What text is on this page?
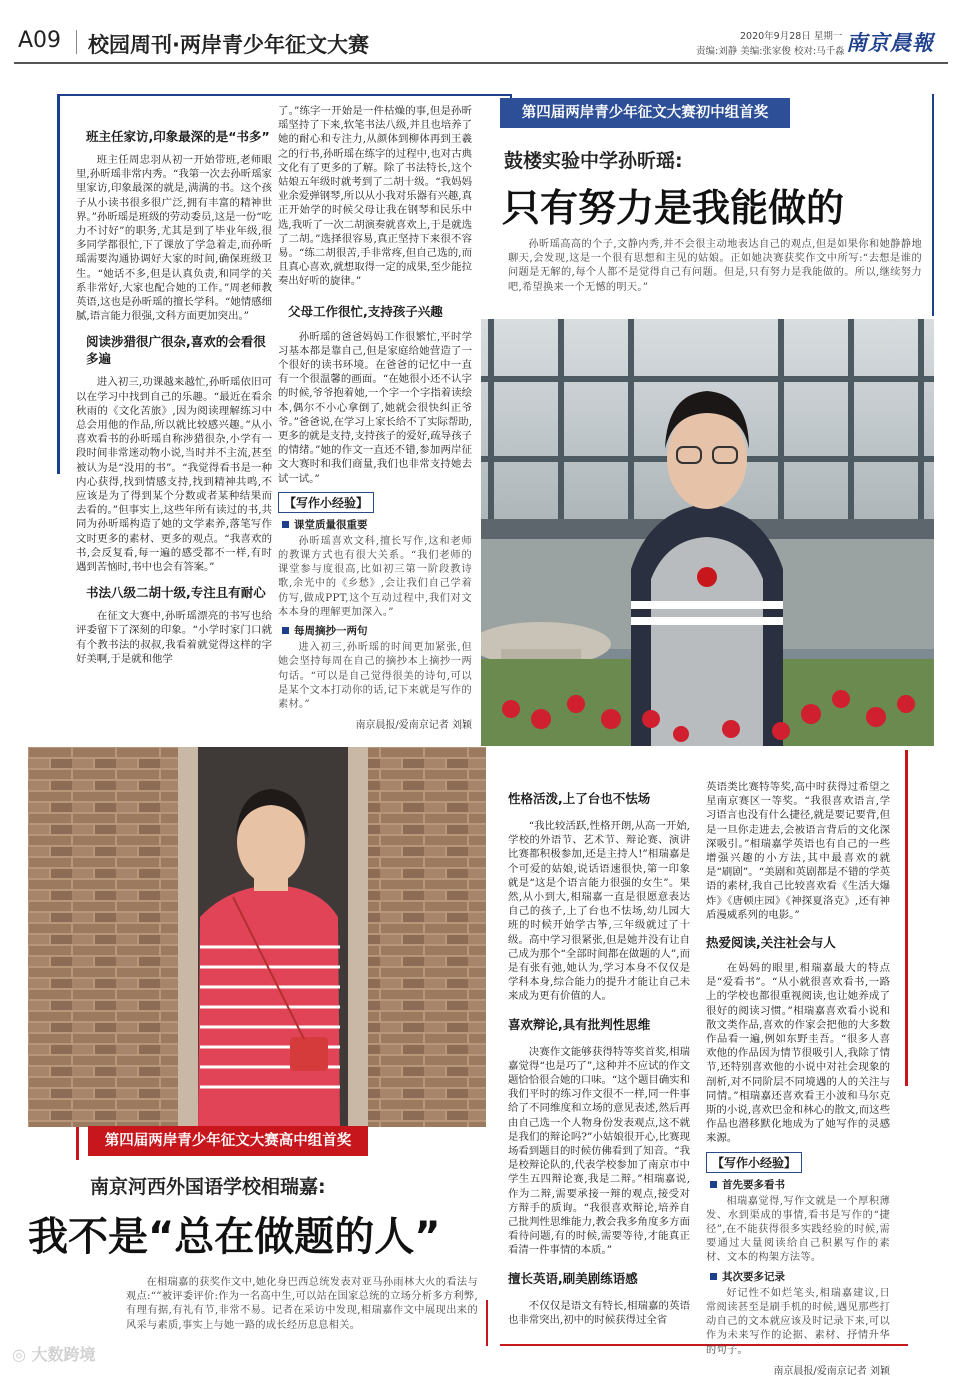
A09 校园周刊·两岸青少年征文大赛	2020年9月28日 星期一
责编:刘静 美编:张家俊 校对:马千淼 南京晨報
第四届两岸青少年征文大赛初中组首奖
鼓楼实验中学孙昕瑶:
只有努力是我能做的

孙昕瑶高高的个子,文静内秀,并不会很主动地表达自己的观点,但是如果你和她静静地聊天,会发现,这是一个很有思想和主见的姑娘。正如她决赛获奖作文中所写:“去想是谁的问题是无解的,每个人都不是觉得自己有问题。但是,只有努力是我能做的。所以,继续努力吧,希望换来一个无憾的明天。”

班主任家访,印象最深的是“书多”

班主任周忠羽从初一开始带班,老师眼里,孙昕瑶非常内秀。“我第一次去孙昕瑶家里家访,印象最深的就是,满满的书。这个孩子从小读书很多很广泛,拥有丰富的精神世界。”孙昕瑶是班级的劳动委员,这是一份“吃力不讨好”的职务,尤其是到了毕业年级,很多同学都很忙,下了课放了学急着走,而孙昕瑶需要沟通协调好大家的时间,确保班级卫生。“她话不多,但是认真负责,和同学的关系非常好,大家也配合她的工作。”周老师教英语,这也是孙昕瑶的擅长学科。“她情感细腻,语言能力很强,文科方面更加突出。”

阅读涉猎很广很杂,喜欢的会看很多遍

进入初三,功课越来越忙,孙昕瑶依旧可以在学习中找到自己的乐趣。“最近在看余秋雨的《文化苦旅》,因为阅读理解练习中总会用他的作品,所以就比较感兴趣。”从小喜欢看书的孙昕瑶自称涉猎很杂,小学有一段时间非常迷动物小说,当时并不主流,甚至被认为是“没用的书”。“我觉得看书是一种内心获得,找到情感支持,找到精神共鸣,不应该是为了得到某个分数或者某种结果而去看的。”但事实上,这些年所有读过的书,共同为孙昕瑶构造了她的文学素养,落笔写作文时更多的素材、更多的观点。“我喜欢的书,会反复看,每一遍的感受都不一样,有时遇到苦恼时,书中也会有答案。”

书法八级二胡十级,专注且有耐心

在征文大赛中,孙昕瑶漂亮的书写也给评委留下了深刻的印象。“小学时家门口就有个教书法的叔叔,我看着就觉得这样的字好美啊,于是就和他学

了。”练字一开始是一件枯燥的事,但是孙昕瑶坚持了下来,软笔书法八级,并且也培养了她的耐心和专注力,从颜体到柳体再到王羲之的行书,孙昕瑶在练字的过程中,也对古典文化有了更多的了解。除了书法特长,这个姑娘五年级时就考到了二胡十级。“我妈妈业余爱弹钢琴,所以从小我对乐器有兴趣,真正开始学的时候父母让我在钢琴和民乐中选,我听了一次二胡演奏就喜欢上,于是就选了二胡。”选择很容易,真正坚持下来很不容易。“练二胡很苦,手非常疼,但自己选的,而且真心喜欢,就想取得一定的成果,至少能拉奏出好听的旋律。”

父母工作很忙,支持孩子兴趣

孙昕瑶的爸爸妈妈工作很繁忙,平时学习基本都是靠自己,但是家庭给她营造了一个很好的读书环境。在爸爸的记忆中一直有一个很温馨的画面。“在她很小还不认字的时候,爷爷抱着她,一个字一个字指着读绘本,偶尔不小心拿倒了,她就会很快纠正爷爷。”爸爸说,在学习上家长给不了实际帮助,更多的就是支持,支持孩子的爱好,疏导孩子的情绪。”她的作文一直还不错,参加两岸征文大赛时和我们商量,我们也非常支持她去试一试。”

【写作小经验】
课堂质量很重要

孙昕瑶喜欢文科,擅长写作,这和老师的教课方式也有很大关系。“我们老师的课堂参与度很高,比如初三第一阶段教诗歌,余光中的《乡愁》,会让我们自己学着仿写,做成PPT,这个互动过程中,我们对文本本身的理解更加深入。”

每周摘抄一两句

进入初三,孙昕瑶的时间更加紧张,但她会坚持每周在自己的摘抄本上摘抄一两句话。“可以是自己觉得很美的诗句,可以是某个文本打动你的话,记下来就是写作的素材。”

南京晨报/爱南京记者 刘颖
第四届两岸青少年征文大赛高中组首奖
南京河西外国语学校相瑞嘉:
我不是“总在做题的人”

在相瑞嘉的获奖作文中,她化身巴西总统发表对亚马孙雨林大火的看法与观点:“”被评委评价:作为一名高中生,可以站在国家总统的立场分析多方利弊,有理有据,有礼有节,非常不易。记者在采访中发现,相瑞嘉作文中展现出来的风采与素质,事实上与她一路的成长经历息息相关。

性格活泼,上了台也不怯场

“我比较活跃,性格开朗,从高一开始,学校的外语节、艺术节、辩论赛、演讲比赛都积极参加,还是主持人!”相瑞嘉是个可爱的姑娘,说话语速很快,第一印象就是“这是个语言能力很强的女生”。果然,从小到大,相瑞嘉一直是很愿意表达自己的孩子,上了台也不怯场,幼儿园大班的时候开始学古筝,三年级就过了十级。高中学习很紧张,但是她并没有让自己成为那个“全部时间都在做题的人”,而是有张有弛,她认为,学习本身不仅仅是学科本身,综合能力的提升才能让自己未来成为更有价值的人。

喜欢辩论,具有批判性思维

决赛作文能够获得特等奖首奖,相瑞嘉觉得“也是巧了”,这种并不应试的作文题恰恰很合她的口味。“这个题目确实和我们平时的练习作文很不一样,同一件事给了不同维度和立场的意见表述,然后再由自己选一个人物身份发表观点,这不就是我们的辩论吗?”小姑娘很开心,比赛现场看到题目的时候仿佛看到了知音。“我是校辩论队的,代表学校参加了南京市中学生五四辩论赛,我是二辩。”相瑞嘉说,作为二辩,需要承接一辩的观点,接受对方辩手的质询。“我很喜欢辩论,培养自己批判性思维能力,教会我多角度多方面看待问题,有的时候,需要等待,才能真正看清一件事情的本质。”

擅长英语,刷美剧练语感

不仅仅是语文有特长,相瑞嘉的英语也非常突出,初中的时候获得过全省

英语类比赛特等奖,高中时获得过希望之星南京赛区一等奖。“我很喜欢语言,学习语言也没有什么捷径,就是要记要背,但是一旦你走进去,会被语言背后的文化深深吸引。”相瑞嘉学英语也有自己的一些增强兴趣的小方法,其中最喜欢的就是“刷剧”。“美剧和英剧都是不错的学英语的素材,我自己比较喜欢看《生活大爆炸》《唐顿庄园》《神探夏洛克》,还有神盾漫威系列的电影。”

热爱阅读,关注社会与人

在妈妈的眼里,相瑞嘉最大的特点是“爱看书”。“从小就很喜欢看书,一路上的学校也都很重视阅读,也让她养成了很好的阅读习惯。”相瑞嘉喜欢看小说和散文类作品,喜欢的作家会把他的大多数作品看一遍,例如东野圭吾。“很多人喜欢他的作品因为情节很吸引人,我除了情节,还特别喜欢他的小说中对社会现象的剖析,对不同阶层不同境遇的人的关注与同情。”相瑞嘉还喜欢看王小波和马尔克斯的小说,喜欢巴金和林心的散文,而这些作品也潜移默化地成为了她写作的灵感来源。

【写作小经验】
首先要多看书

相瑞嘉觉得,写作文就是一个厚积薄发、水到渠成的事情,看书是写作的“捷径”,在不能获得很多实践经验的时候,需要通过大量阅读给自己积累写作的素材、文本的构架方法等。

其次要多记录

好记性不如烂笔头,相瑞嘉建议,日常阅读甚至是刷手机的时候,遇见那些打动自己的文本就应该及时记录下来,可以作为未来写作的论据、素材、抒情升华的句子。

南京晨报/爱南京记者 刘颖
◎ 大数跨境
